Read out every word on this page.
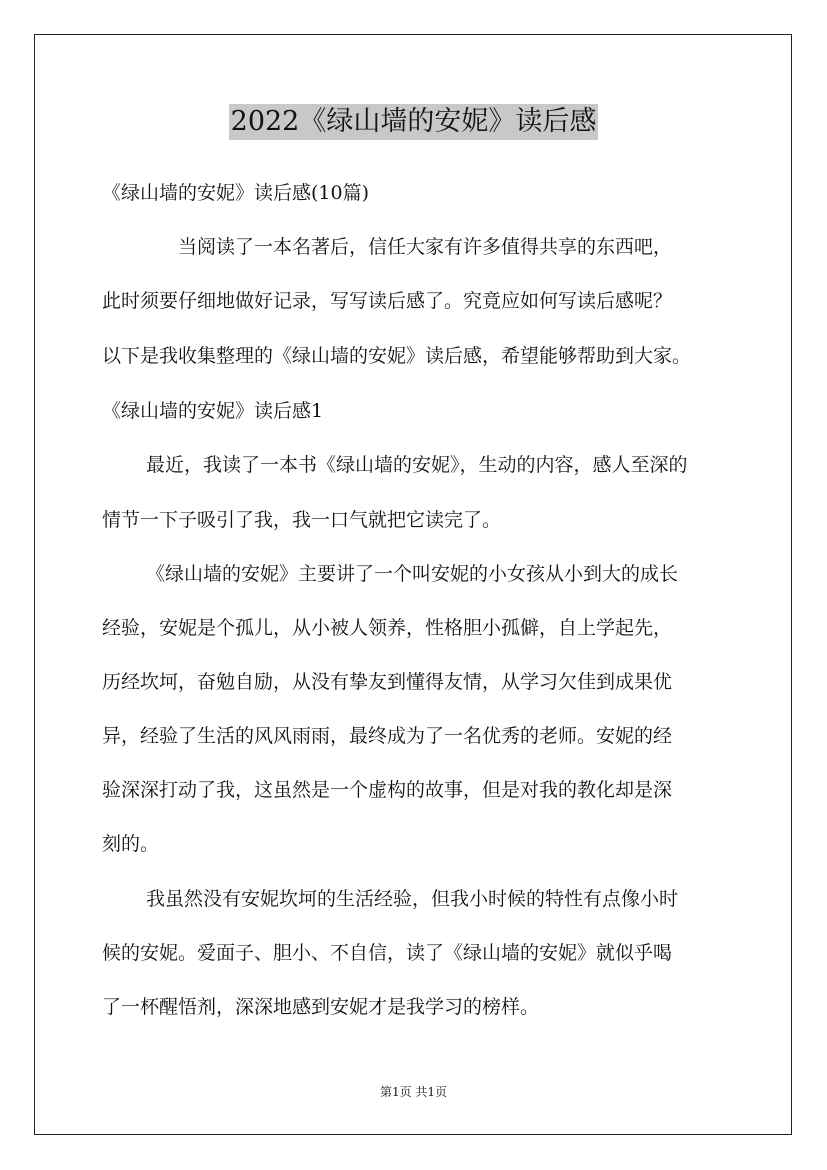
2022《绿山墙的安妮》读后感
《绿山墙的安妮》读后感(10篇)
当阅读了一本名著后，信任大家有许多值得共享的东西吧，
此时须要仔细地做好记录，写写读后感了。究竟应如何写读后感呢？
以下是我收集整理的《绿山墙的安妮》读后感，希望能够帮助到大家。
《绿山墙的安妮》读后感1
最近，我读了一本书《绿山墙的安妮》，生动的内容，感人至深的
情节一下子吸引了我，我一口气就把它读完了。
《绿山墙的安妮》主要讲了一个叫安妮的小女孩从小到大的成长
经验，安妮是个孤儿，从小被人领养，性格胆小孤僻，自上学起先，
历经坎坷，奋勉自励，从没有挚友到懂得友情，从学习欠佳到成果优
异，经验了生活的风风雨雨，最终成为了一名优秀的老师。安妮的经
验深深打动了我，这虽然是一个虚构的故事，但是对我的教化却是深
刻的。
我虽然没有安妮坎坷的生活经验，但我小时候的特性有点像小时
候的安妮。爱面子、胆小、不自信，读了《绿山墙的安妮》就似乎喝
了一杯醒悟剂，深深地感到安妮才是我学习的榜样。
第1页 共1页
